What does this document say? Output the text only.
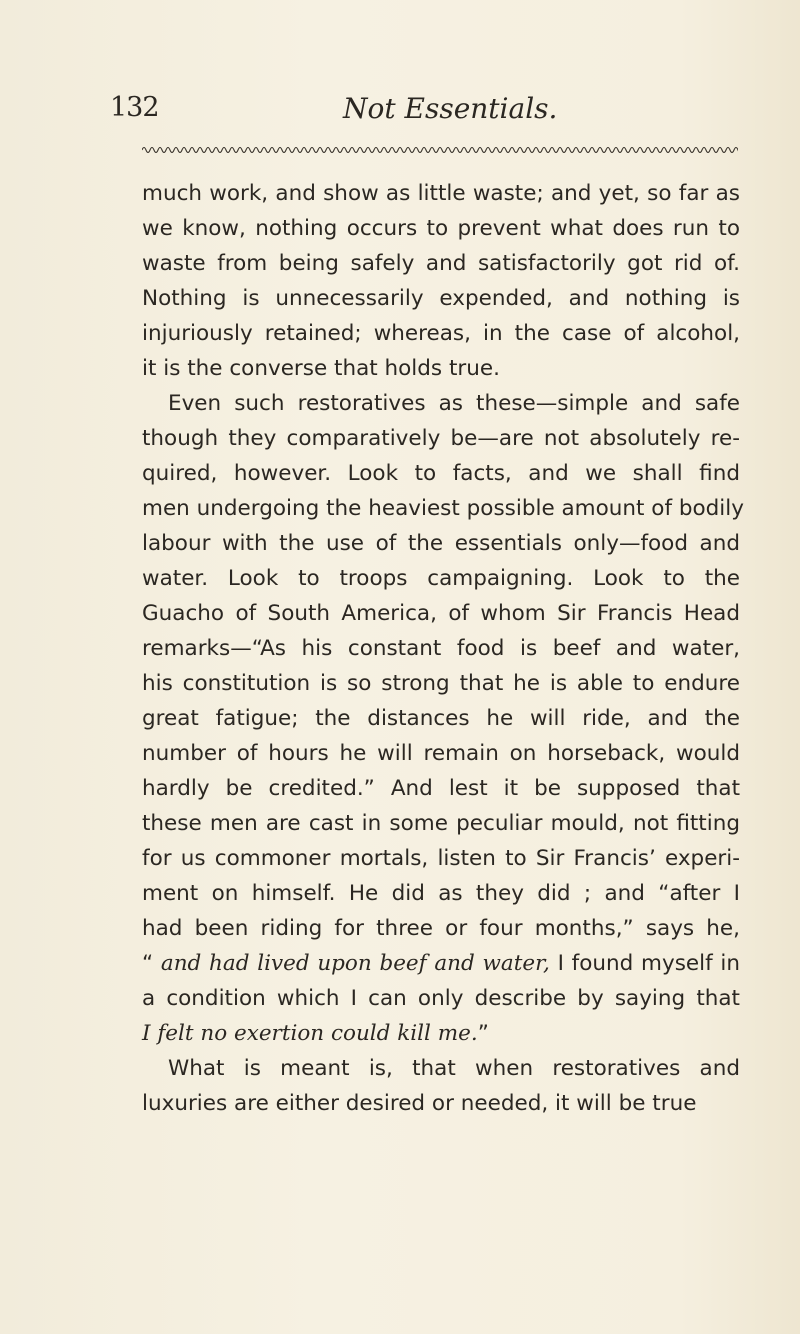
132	Not Essentials.
much work, and show as little waste; and yet, so far as
we know, nothing occurs to prevent what does run to
waste from being safely and satisfactorily got rid of.
Nothing is unnecessarily expended, and nothing is
injuriously retained; whereas, in the case of alcohol,
it is the converse that holds true.
Even such restoratives as these—simple and safe
though they comparatively be—are not absolutely re-
quired, however. Look to facts, and we shall find
men undergoing the heaviest possible amount of bodily
labour with the use of the essentials only—food and
water. Look to troops campaigning. Look to the
Guacho of South America, of whom Sir Francis Head
remarks—“As his constant food is beef and water,
his constitution is so strong that he is able to endure
great fatigue; the distances he will ride, and the
number of hours he will remain on horseback, would
hardly be credited.” And lest it be supposed that
these men are cast in some peculiar mould, not fitting
for us commoner mortals, listen to Sir Francis’ experi-
ment on himself. He did as they did ; and “after I
had been riding for three or four months,” says he,
“ and had lived upon beef and water, I found myself in
a condition which I can only describe by saying that
I felt no exertion could kill me.”
What is meant is, that when restoratives and
luxuries are either desired or needed, it will be true
